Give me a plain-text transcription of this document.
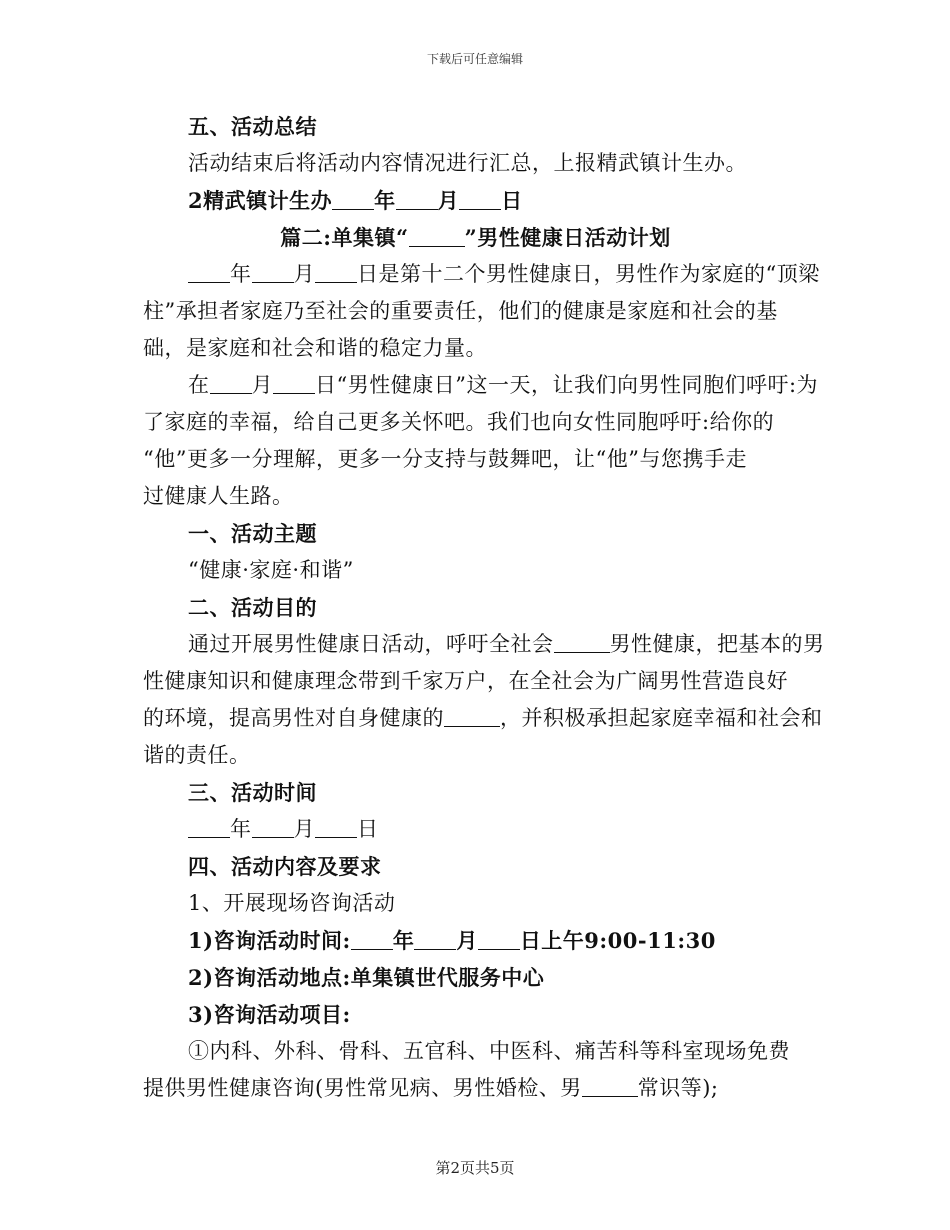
下载后可任意编辑
五、活动总结
活动结束后将活动内容情况进行汇总，上报精武镇计生办。
2精武镇计生办 年 月 日
篇二:单集镇“	”男性健康日活动计划
年 月 日是第十二个男性健康日，男性作为家庭的“顶梁
柱”承担者家庭乃至社会的重要责任，他们的健康是家庭和社会的基
础，是家庭和社会和谐的稳定力量。
在 月 日“男性健康日”这一天，让我们向男性同胞们呼吁:为
了家庭的幸福，给自己更多关怀吧。我们也向女性同胞呼吁:给你的
“他”更多一分理解，更多一分支持与鼓舞吧，让“他”与您携手走
过健康人生路。
一、活动主题
“健康·家庭·和谐”
二、活动目的
通过开展男性健康日活动，呼吁全社会	男性健康，把基本的男
性健康知识和健康理念带到千家万户，在全社会为广阔男性营造良好
的环境，提高男性对自身健康的	，并积极承担起家庭幸福和社会和
谐的责任。
三、活动时间
年 月 日
四、活动内容及要求
1、开展现场咨询活动
1)咨询活动时间: 年 月 日上午9:00-11:30
2)咨询活动地点:单集镇世代服务中心
3)咨询活动项目:
①内科、外科、骨科、五官科、中医科、痛苦科等科室现场免费
提供男性健康咨询(男性常见病、男性婚检、男	常识等);
第2页共5页
